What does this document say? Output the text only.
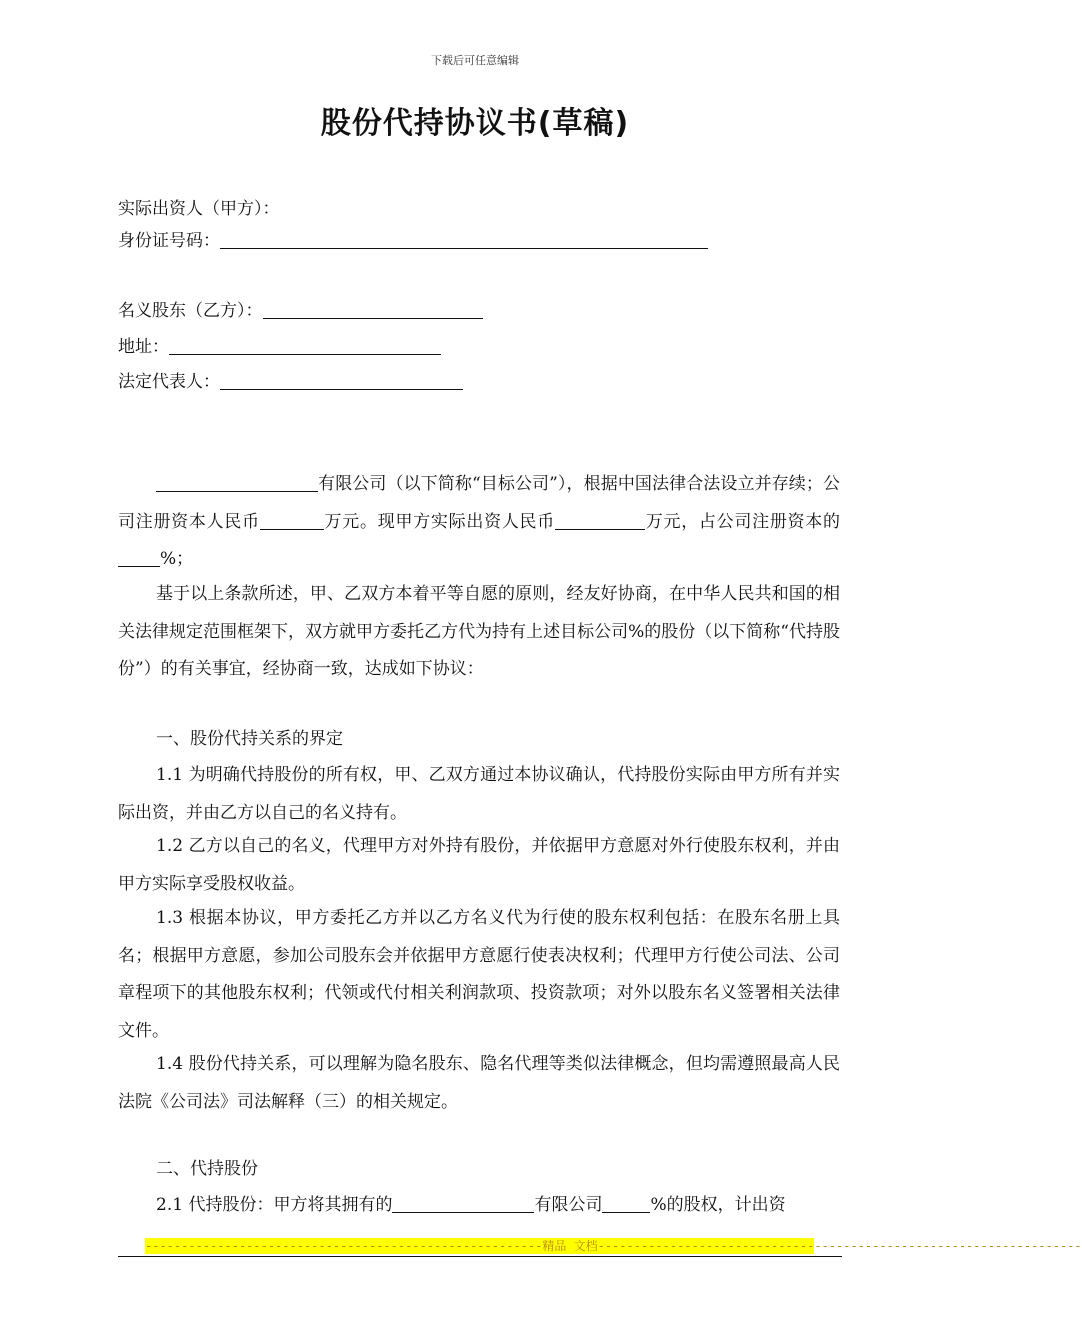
下载后可任意编辑
股份代持协议书(草稿)
实际出资人（甲方）：
身份证号码：
名义股东（乙方）：
地址：
法定代表人：
有限公司（以下简称“目标公司”），根据中国法律合法设立并存续；公司注册资本人民币	万元。现甲方实际出资人民币	万元，占公司注册资本的%；
基于以上条款所述，甲、乙双方本着平等自愿的原则，经友好协商，在中华人民共和国的相关法律规定范围框架下，双方就甲方委托乙方代为持有上述目标公司%的股份（以下简称“代持股份”）的有关事宜，经协商一致，达成如下协议：
一、股份代持关系的界定
1.1 为明确代持股份的所有权，甲、乙双方通过本协议确认，代持股份实际由甲方所有并实际出资，并由乙方以自己的名义持有。
1.2 乙方以自己的名义，代理甲方对外持有股份，并依据甲方意愿对外行使股东权利，并由甲方实际享受股权收益。
1.3 根据本协议，甲方委托乙方并以乙方名义代为行使的股东权利包括：在股东名册上具名；根据甲方意愿，参加公司股东会并依据甲方意愿行使表决权利；代理甲方行使公司法、公司章程项下的其他股东权利；代领或代付相关利润款项、投资款项；对外以股东名义签署相关法律文件。
1.4 股份代持关系，可以理解为隐名股东、隐名代理等类似法律概念，但均需遵照最高人民法院《公司法》司法解释（三）的相关规定。
二、代持股份
2.1 代持股份：甲方将其拥有的	有限公司	%的股权，计出资
-------------------------------------------------------精品 文档-------------------------------------------------------------------
